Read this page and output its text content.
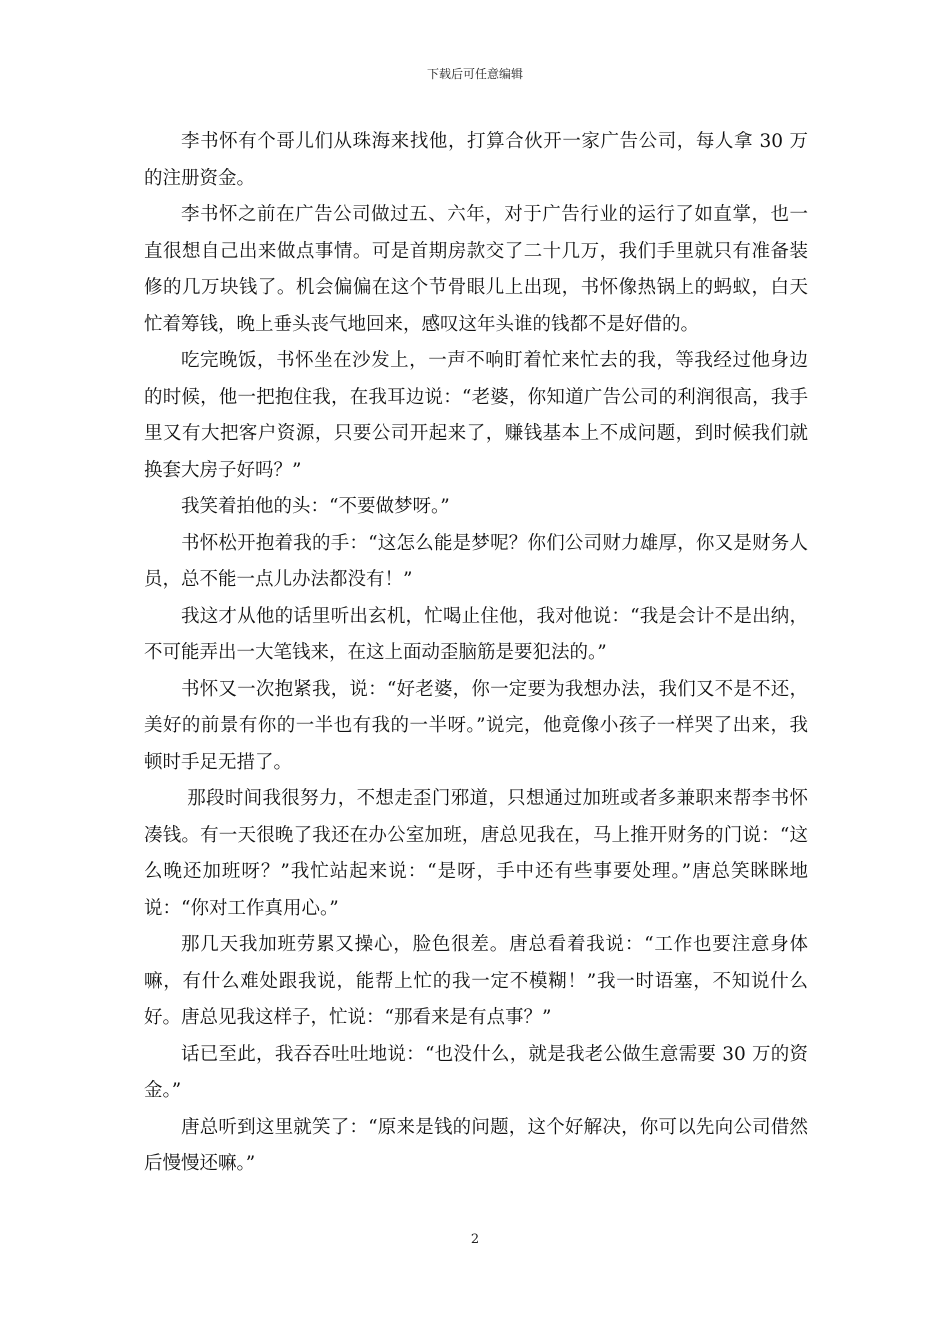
下载后可任意编辑

李书怀有个哥儿们从珠海来找他，打算合伙开一家广告公司，每人拿 30 万的注册资金。

李书怀之前在广告公司做过五、六年，对于广告行业的运行了如直掌，也一直很想自己出来做点事情。可是首期房款交了二十几万，我们手里就只有准备装修的几万块钱了。机会偏偏在这个节骨眼儿上出现，书怀像热锅上的蚂蚁，白天忙着筹钱，晚上垂头丧气地回来，感叹这年头谁的钱都不是好借的。

吃完晚饭，书怀坐在沙发上，一声不响盯着忙来忙去的我，等我经过他身边的时候，他一把抱住我，在我耳边说：“老婆，你知道广告公司的利润很高，我手里又有大把客户资源，只要公司开起来了，赚钱基本上不成问题，到时候我们就换套大房子好吗？”

我笑着拍他的头：“不要做梦呀。”

书怀松开抱着我的手：“这怎么能是梦呢？你们公司财力雄厚，你又是财务人员，总不能一点儿办法都没有！”

我这才从他的话里听出玄机，忙喝止住他，我对他说：“我是会计不是出纳，不可能弄出一大笔钱来，在这上面动歪脑筋是要犯法的。”

书怀又一次抱紧我，说：“好老婆，你一定要为我想办法，我们又不是不还，美好的前景有你的一半也有我的一半呀。”说完，他竟像小孩子一样哭了出来，我顿时手足无措了。

那段时间我很努力，不想走歪门邪道，只想通过加班或者多兼职来帮李书怀凑钱。有一天很晚了我还在办公室加班，唐总见我在，马上推开财务的门说：“这么晚还加班呀？”我忙站起来说：“是呀，手中还有些事要处理。”唐总笑眯眯地说：“你对工作真用心。”

那几天我加班劳累又操心，脸色很差。唐总看着我说：“工作也要注意身体嘛，有什么难处跟我说，能帮上忙的我一定不模糊！”我一时语塞，不知说什么好。唐总见我这样子，忙说：“那看来是有点事？”

话已至此，我吞吞吐吐地说：“也没什么，就是我老公做生意需要 30 万的资金。”

唐总听到这里就笑了：“原来是钱的问题，这个好解决，你可以先向公司借然后慢慢还嘛。”

2
